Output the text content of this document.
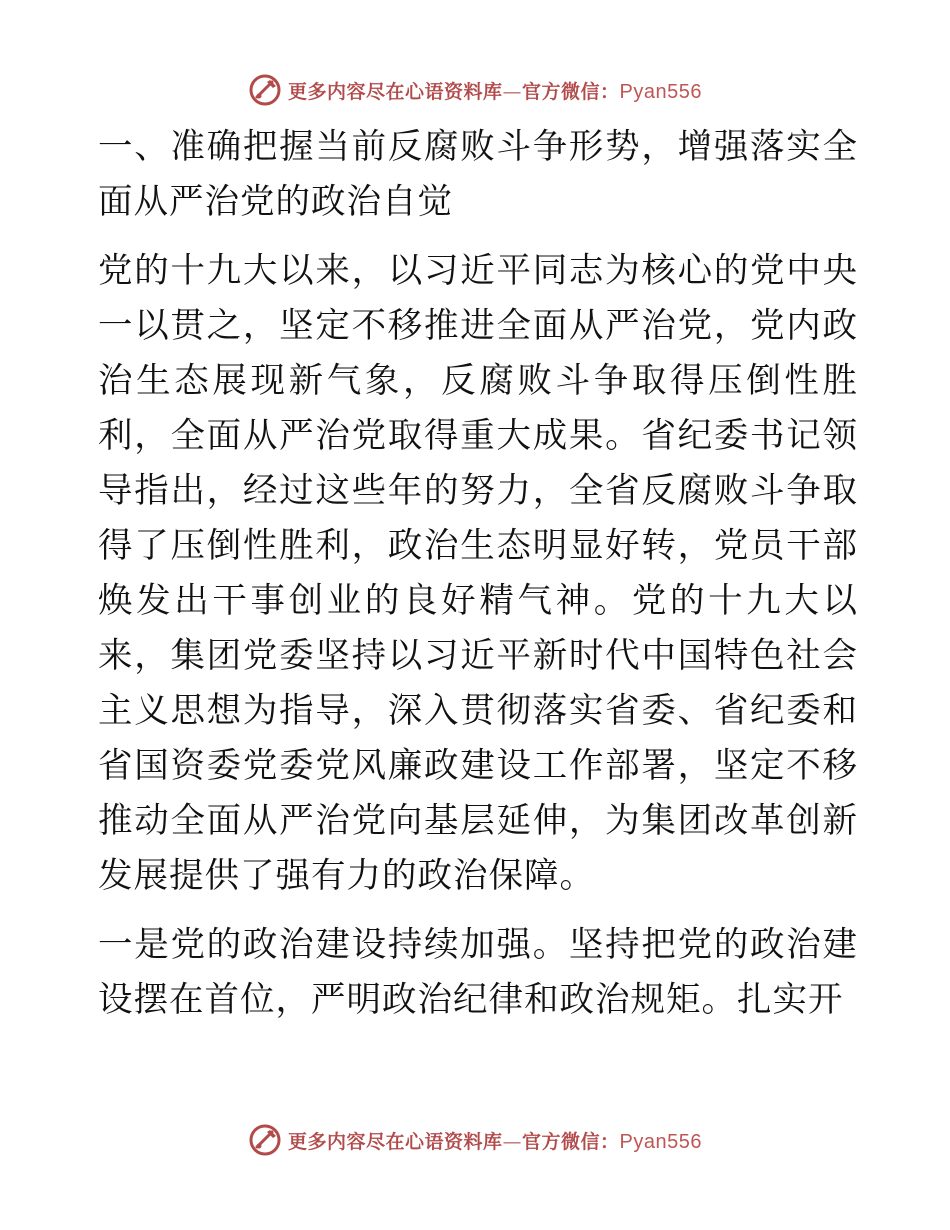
更多内容尽在心语资料库—官方微信：Pyan556

一、准确把握当前反腐败斗争形势，增强落实全面从严治党的政治自觉

党的十九大以来，以习近平同志为核心的党中央一以贯之，坚定不移推进全面从严治党，党内政治生态展现新气象，反腐败斗争取得压倒性胜利，全面从严治党取得重大成果。省纪委书记领导指出，经过这些年的努力，全省反腐败斗争取得了压倒性胜利，政治生态明显好转，党员干部焕发出干事创业的良好精气神。党的十九大以来，集团党委坚持以习近平新时代中国特色社会主义思想为指导，深入贯彻落实省委、省纪委和省国资委党委党风廉政建设工作部署，坚定不移推动全面从严治党向基层延伸，为集团改革创新发展提供了强有力的政治保障。

一是党的政治建设持续加强。坚持把党的政治建设摆在首位，严明政治纪律和政治规矩。扎实开

更多内容尽在心语资料库—官方微信：Pyan556
